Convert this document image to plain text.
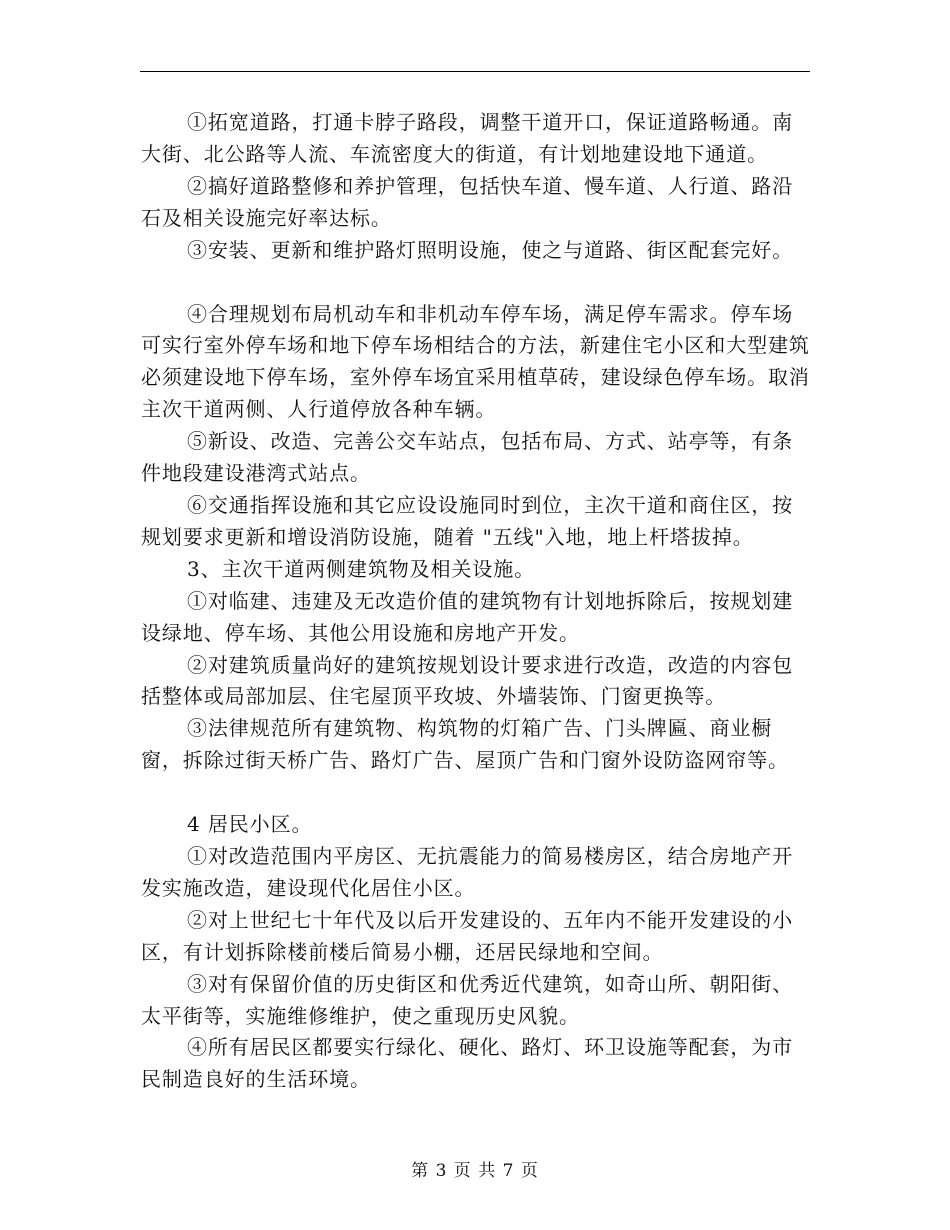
①拓宽道路，打通卡脖子路段，调整干道开口，保证道路畅通。南大街、北公路等人流、车流密度大的街道，有计划地建设地下通道。

②搞好道路整修和养护管理，包括快车道、慢车道、人行道、路沿石及相关设施完好率达标。

③安装、更新和维护路灯照明设施，使之与道路、街区配套完好。

④合理规划布局机动车和非机动车停车场，满足停车需求。停车场可实行室外停车场和地下停车场相结合的方法，新建住宅小区和大型建筑必须建设地下停车场，室外停车场宜采用植草砖，建设绿色停车场。取消主次干道两侧、人行道停放各种车辆。

⑤新设、改造、完善公交车站点，包括布局、方式、站亭等，有条件地段建设港湾式站点。

⑥交通指挥设施和其它应设设施同时到位，主次干道和商住区，按规划要求更新和增设消防设施，随着 "五线"入地，地上杆塔拔掉。

3、主次干道两侧建筑物及相关设施。

①对临建、违建及无改造价值的建筑物有计划地拆除后，按规划建设绿地、停车场、其他公用设施和房地产开发。

②对建筑质量尚好的建筑按规划设计要求进行改造，改造的内容包括整体或局部加层、住宅屋顶平玫坡、外墙装饰、门窗更换等。

③法律规范所有建筑物、构筑物的灯箱广告、门头牌匾、商业橱窗，拆除过街天桥广告、路灯广告、屋顶广告和门窗外设防盗网帘等。

4 居民小区。

①对改造范围内平房区、无抗震能力的简易楼房区，结合房地产开发实施改造，建设现代化居住小区。

②对上世纪七十年代及以后开发建设的、五年内不能开发建设的小区，有计划拆除楼前楼后简易小棚，还居民绿地和空间。

③对有保留价值的历史街区和优秀近代建筑，如奇山所、朝阳街、太平街等，实施维修维护，使之重现历史风貌。

④所有居民区都要实行绿化、硬化、路灯、环卫设施等配套，为市民制造良好的生活环境。

第 3 页 共 7 页
